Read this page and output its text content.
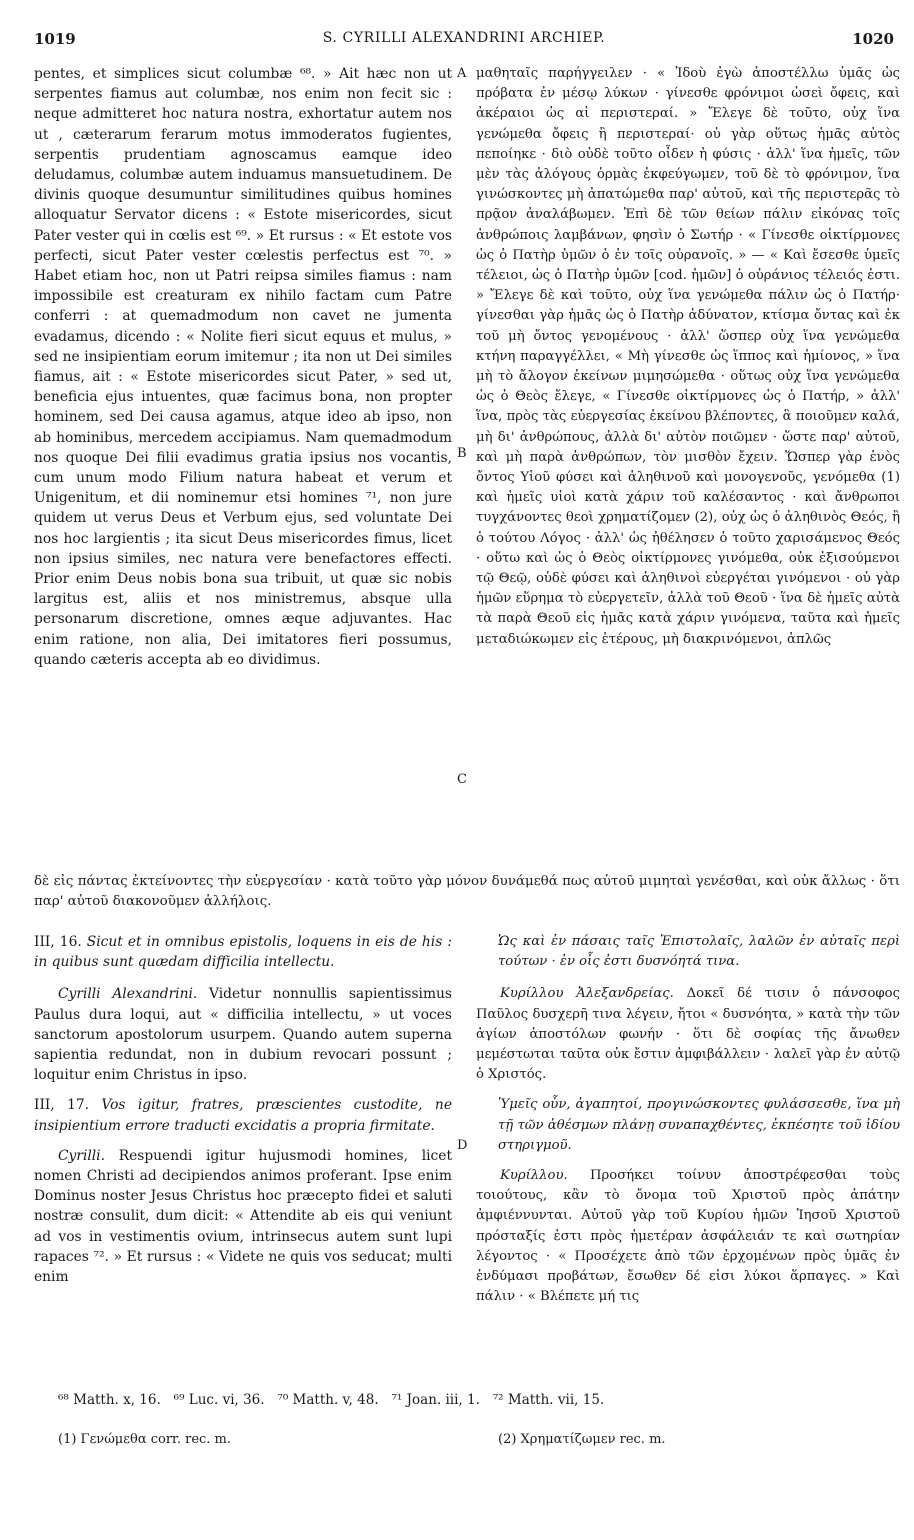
1019	S. CYRILLI ALEXANDRINI ARCHIEP.	1020
A
B
C
D

pentes, et simplices sicut columbæ ⁶⁸. » Ait hæc non ut serpentes fiamus aut columbæ, nos enim non fecit sic : neque admitteret hoc natura nostra, exhortatur autem nos ut , cæterarum ferarum motus immoderatos fugientes, serpentis prudentiam agnoscamus eamque ideo deludamus, columbæ autem induamus mansuetudinem. De divinis quoque desumuntur similitudines quibus homines alloquatur Servator dicens : « Estote misericordes, sicut Pater vester qui in cœlis est ⁶⁹. » Et rursus : « Et estote vos perfecti, sicut Pater vester cœlestis perfectus est ⁷⁰. » Habet etiam hoc, non ut Patri reipsa similes fiamus : nam impossibile est creaturam ex nihilo factam cum Patre conferri : at quemadmodum non cavet ne jumenta evadamus, dicendo : « Nolite fieri sicut equus et mulus, » sed ne insipientiam eorum imitemur ; ita non ut Dei similes fiamus, ait : « Estote misericordes sicut Pater, » sed ut, beneficia ejus intuentes, quæ facimus bona, non propter hominem, sed Dei causa agamus, atque ideo ab ipso, non ab hominibus, mercedem accipiamus. Nam quemadmodum nos quoque Dei filii evadimus gratia ipsius nos vocantis, cum unum modo Filium natura habeat et verum et Unigenitum, et dii nominemur etsi homines ⁷¹, non jure quidem ut verus Deus et Verbum ejus, sed voluntate Dei nos hoc largientis ; ita sicut Deus misericordes fimus, licet non ipsius similes, nec natura vere benefactores effecti. Prior enim Deus nobis bona sua tribuit, ut quæ sic nobis largitus est, aliis et nos ministremus, absque ulla personarum discretione, omnes æque adjuvantes. Hac enim ratione, non alia, Dei imitatores fieri possumus, quando cæteris accepta ab eo dividimus.

μαθηταῖς παρήγγειλεν · « Ἰδοὺ ἐγὼ ἀποστέλλω ὑμᾶς ὡς πρόβατα ἐν μέσῳ λύκων · γίνεσθε φρόνιμοι ὡσεὶ ὄφεις, καὶ ἀκέραιοι ὡς αἱ περιστεραί. » Ἔλεγε δὲ τοῦτο, οὐχ ἵνα γενώμεθα ὄφεις ἢ περιστεραί· οὐ γὰρ οὕτως ἡμᾶς αὐτὸς πεποίηκε · διὸ οὐδὲ τοῦτο οἶδεν ἡ φύσις · ἀλλ' ἵνα ἡμεῖς, τῶν μὲν τὰς ἀλόγους ὁρμὰς ἐκφεύγωμεν, τοῦ δὲ τὸ φρόνιμον, ἵνα γινώσκοντες μὴ ἀπατώμεθα παρ' αὐτοῦ, καὶ τῆς περιστερᾶς τὸ πρᾷον ἀναλάβωμεν. Ἐπὶ δὲ τῶν θείων πάλιν εἰκόνας τοῖς ἀνθρώποις λαμβάνων, φησὶν ὁ Σωτήρ · « Γίνεσθε οἰκτίρμονες ὡς ὁ Πατὴρ ὑμῶν ὁ ἐν τοῖς οὐρανοῖς. » — « Καὶ ἔσεσθε ὑμεῖς τέλειοι, ὡς ὁ Πατὴρ ὑμῶν [cod. ἡμῶν] ὁ οὐράνιος τέλειός ἐστι. » Ἔλεγε δὲ καὶ τοῦτο, οὐχ ἵνα γενώμεθα πάλιν ὡς ὁ Πατήρ· γίνεσθαι γὰρ ἡμᾶς ὡς ὁ Πατὴρ ἀδύνατον, κτίσμα ὄντας καὶ ἐκ τοῦ μὴ ὄντος γενομένους · ἀλλ' ὥσπερ οὐχ ἵνα γενώμεθα κτήνη παραγγέλλει, « Μὴ γίνεσθε ὡς ἵππος καὶ ἡμίονος, » ἵνα μὴ τὸ ἄλογον ἐκείνων μιμησώμεθα · οὕτως οὐχ ἵνα γενώμεθα ὡς ὁ Θεὸς ἔλεγε, « Γίνεσθε οἰκτίρμονες ὡς ὁ Πατήρ, » ἀλλ' ἵνα, πρὸς τὰς εὐεργεσίας ἐκείνου βλέποντες, ἃ ποιοῦμεν καλά, μὴ δι' ἀνθρώπους, ἀλλὰ δι' αὐτὸν ποιῶμεν · ὥστε παρ' αὐτοῦ, καὶ μὴ παρὰ ἀνθρώπων, τὸν μισθὸν ἔχειν. Ὥσπερ γὰρ ἑνὸς ὄντος Υἱοῦ φύσει καὶ ἀληθινοῦ καὶ μονογενοῦς, γενόμεθα (1) καὶ ἡμεῖς υἱοὶ κατὰ χάριν τοῦ καλέσαντος · καὶ ἄνθρωποι τυγχάνοντες θεοὶ χρηματίζομεν (2), οὐχ ὡς ὁ ἀληθινὸς Θεός, ἢ ὁ τούτου Λόγος · ἀλλ' ὡς ἠθέλησεν ὁ τοῦτο χαρισάμενος Θεός · οὕτω καὶ ὡς ὁ Θεὸς οἰκτίρμονες γινόμεθα, οὐκ ἐξισούμενοι τῷ Θεῷ, οὐδὲ φύσει καὶ ἀληθινοὶ εὐεργέται γινόμενοι · οὐ γὰρ ἡμῶν εὕρημα τὸ εὐεργετεῖν, ἀλλὰ τοῦ Θεοῦ · ἵνα δὲ ἡμεῖς αὐτὰ τὰ παρὰ Θεοῦ εἰς ἡμᾶς κατὰ χάριν γινόμενα, ταῦτα καὶ ἡμεῖς μεταδιώκωμεν εἰς ἑτέρους, μὴ διακρινόμενοι, ἀπλῶς

δὲ εἰς πάντας ἐκτείνοντες τὴν εὐεργεσίαν · κατὰ τοῦτο γὰρ μόνον δυνάμεθά πως αὐτοῦ μιμηταὶ γενέσθαι, καὶ οὐκ ἄλλως · ὅτι παρ' αὐτοῦ διακονοῦμεν ἀλλήλοις.

III, 16. Sicut et in omnibus epistolis, loquens in eis de his : in quibus sunt quædam difficilia intellectu.

Cyrilli Alexandrini. Videtur nonnullis sapientissimus Paulus dura loqui, aut « difficilia intellectu, » ut voces sanctorum apostolorum usurpem. Quando autem superna sapientia redundat, non in dubium revocari possunt ; loquitur enim Christus in ipso.

III, 17. Vos igitur, fratres, præscientes custodite, ne insipientium errore traducti excidatis a propria firmitate.

Cyrilli. Respuendi igitur hujusmodi homines, licet nomen Christi ad decipiendos animos proferant. Ipse enim Dominus noster Jesus Christus hoc præcepto fidei et saluti nostræ consulit, dum dicit: « Attendite ab eis qui veniunt ad vos in vestimentis ovium, intrinsecus autem sunt lupi rapaces ⁷². » Et rursus : « Videte ne quis vos seducat; multi enim

Ὡς καὶ ἐν πάσαις ταῖς Ἐπιστολαῖς, λαλῶν ἐν αὐταῖς περὶ τούτων · ἐν οἷς ἐστι δυσνόητά τινα.

Κυρίλλου Ἀλεξανδρείας. Δοκεῖ δέ τισιν ὁ πάνσοφος Παῦλος δυσχερῆ τινα λέγειν, ἤτοι « δυσνόητα, » κατὰ τὴν τῶν ἁγίων ἀποστόλων φωνήν · ὅτι δὲ σοφίας τῆς ἄνωθεν μεμέστωται ταῦτα οὐκ ἔστιν ἀμφιβάλλειν · λαλεῖ γὰρ ἐν αὐτῷ ὁ Χριστός.

Ὑμεῖς οὖν, ἀγαπητοί, προγινώσκοντες φυλάσσεσθε, ἵνα μὴ τῇ τῶν ἀθέσμων πλάνῃ συναπαχθέντες, ἐκπέσητε τοῦ ἰδίου στηριγμοῦ.

Κυρίλλου. Προσήκει τοίνυν ἀποστρέφεσθαι τοὺς τοιούτους, κἂν τὸ ὄνομα τοῦ Χριστοῦ πρὸς ἀπάτην ἀμφιέννυνται. Αὐτοῦ γὰρ τοῦ Κυρίου ἡμῶν Ἰησοῦ Χριστοῦ πρόσταξίς ἐστι πρὸς ἡμετέραν ἀσφάλειάν τε καὶ σωτηρίαν λέγοντος · « Προσέχετε ἀπὸ τῶν ἐρχομένων πρὸς ὑμᾶς ἐν ἐνδύμασι προβάτων, ἔσωθεν δέ εἰσι λύκοι ἅρπαγες. » Καὶ πάλιν · « Βλέπετε μή τις

⁶⁸ Matth. x, 16.   ⁶⁹ Luc. vi, 36.   ⁷⁰ Matth. v, 48.   ⁷¹ Joan. iii, 1.   ⁷² Matth. vii, 15.
(1) Γενώμεθα corr. rec. m.	(2) Χρηματίζωμεν rec. m.
